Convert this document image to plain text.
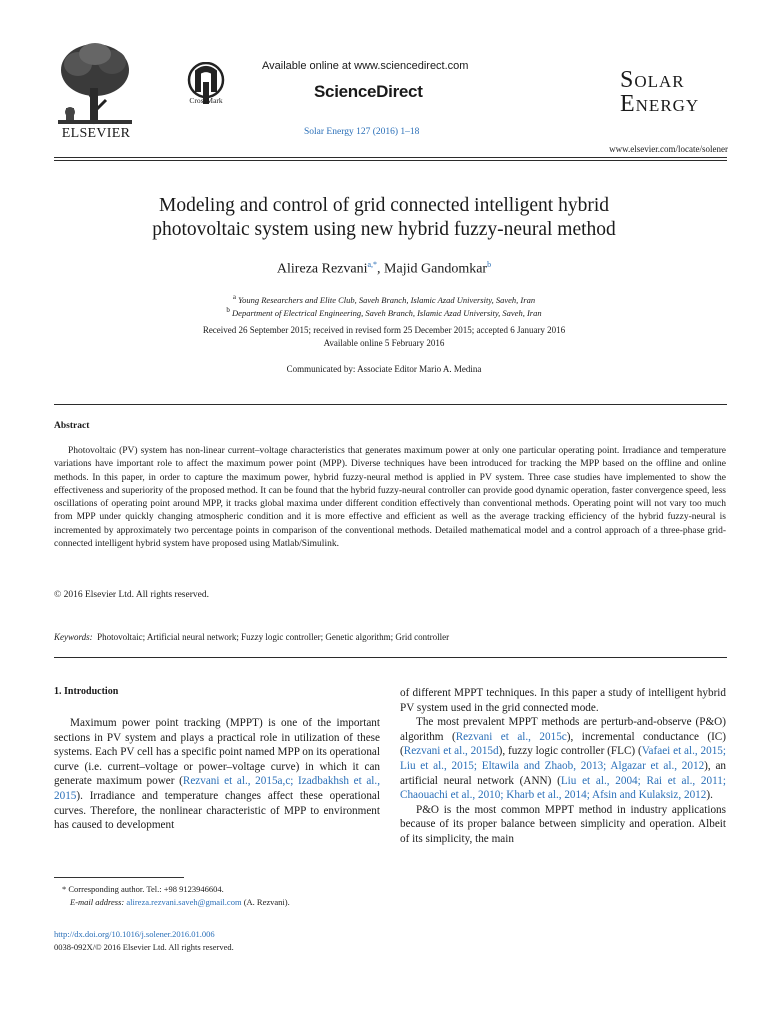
ELSEVIER
CrossMark
Available online at www.sciencedirect.com
ScienceDirect
Solar Energy 127 (2016) 1–18
Solar
Energy
www.elsevier.com/locate/solener
Modeling and control of grid connected intelligent hybrid
photovoltaic system using new hybrid fuzzy-neural method
Alireza Rezvani$^{a,*}$, Majid Gandomkar$^b$
$^a$ Young Researchers and Elite Club, Saveh Branch, Islamic Azad University, Saveh, Iran
$^b$ Department of Electrical Engineering, Saveh Branch, Islamic Azad University, Saveh, Iran
Received 26 September 2015; received in revised form 25 December 2015; accepted 6 January 2016
Available online 5 February 2016
Communicated by: Associate Editor Mario A. Medina
Abstract
Photovoltaic (PV) system has non-linear current–voltage characteristics that generates maximum power at only one particular operating point. Irradiance and temperature variations have important role to affect the maximum power point (MPP). Diverse techniques have been introduced for tracking the MPP based on the offline and online methods. In this paper, in order to capture the maximum power, hybrid fuzzy-neural method is applied in PV system. Three case studies have implemented to show the effectiveness and superiority of the proposed method. It can be found that the hybrid fuzzy-neural controller can provide good dynamic operation, faster convergence speed, less oscillations of operating point around MPP, it tracks global maxima under different condition effectively than conventional methods. Operating point will not vary too much from MPP under quickly changing atmospheric condition and it is more effective and efficient as well as the average tracking efficiency of the hybrid fuzzy-neural is incremented by approximately two percentage points in comparison of the conventional methods. Detailed mathematical model and a control approach of a three-phase grid-connected intelligent hybrid system have proposed using Matlab/Simulink.
© 2016 Elsevier Ltd. All rights reserved.
Keywords: Photovoltaic; Artificial neural network; Fuzzy logic controller; Genetic algorithm; Grid controller
1. Introduction

Maximum power point tracking (MPPT) is one of the important sections in PV system and plays a practical role in utilization of these systems. Each PV cell has a specific point named MPP on its operational curve (i.e. current–voltage or power–voltage curve) in which it can generate maximum power (Rezvani et al., 2015a,c; Izadbakhsh et al., 2015). Irradiance and temperature changes affect these operational curves. Therefore, the nonlinear characteristic of MPP to environment has caused to development

of different MPPT techniques. In this paper a study of intelligent hybrid PV system used in the grid connected mode.

The most prevalent MPPT methods are perturb-and-observe (P&O) algorithm (Rezvani et al., 2015c), incremental conductance (IC) (Rezvani et al., 2015d), fuzzy logic controller (FLC) (Vafaei et al., 2015; Liu et al., 2015; Eltawila and Zhaob, 2013; Algazar et al., 2012), an artificial neural network (ANN) (Liu et al., 2004; Rai et al., 2011; Chaouachi et al., 2010; Kharb et al., 2014; Afsin and Kulaksiz, 2012).

P&O is the most common MPPT method in industry applications because of its proper balance between simplicity and operation. Albeit of its simplicity, the main

* Corresponding author. Tel.: +98 9123946604.
E-mail address: alireza.rezvani.saveh@gmail.com (A. Rezvani).
http://dx.doi.org/10.1016/j.solener.2016.01.006
0038-092X/© 2016 Elsevier Ltd. All rights reserved.
